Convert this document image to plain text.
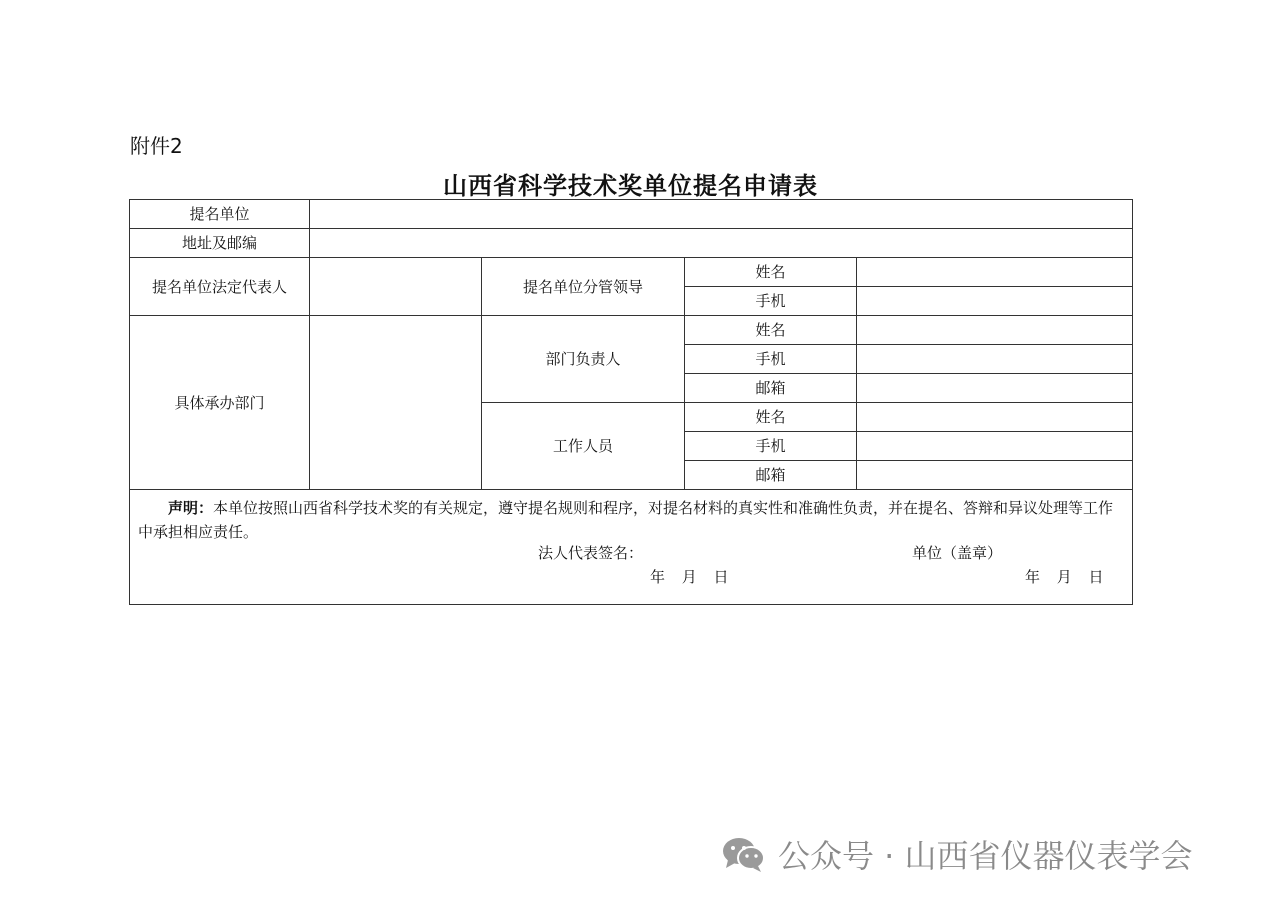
附件2
山西省科学技术奖单位提名申请表
提名单位				
地址及邮编				
提名单位法定代表人		提名单位分管领导	姓名	
			手机	
具体承办部门		部门负责人	姓名	
			手机	
			邮箱	
		工作人员	姓名	
			手机	
			邮箱	

声明：本单位按照山西省科学技术奖的有关规定，遵守提名规则和程序，对提名材料的真实性和准确性负责，并在提名、答辩和异议处理等工作中承担相应责任。
法人代表签名： 单位（盖章）
年 月 日 年 月 日				
公众号 · 山西省仪器仪表学会
